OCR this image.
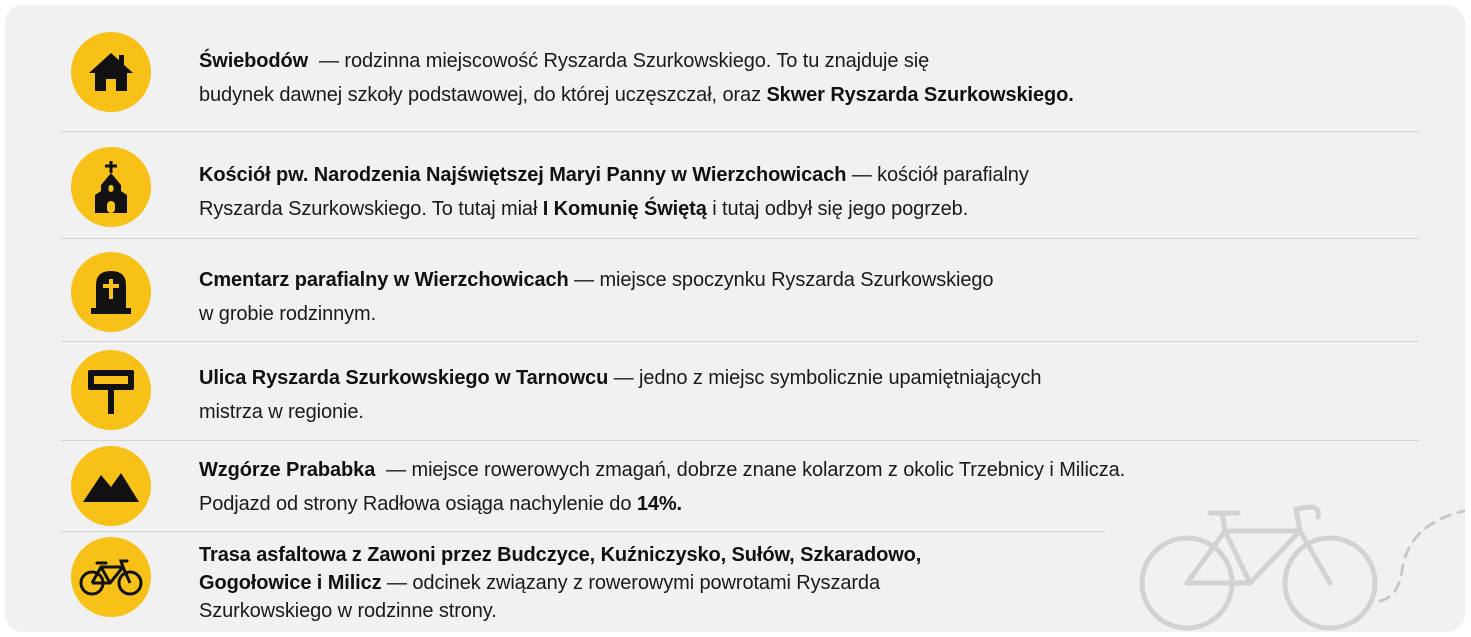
Świebodów  — rodzinna miejscowość Ryszarda Szurkowskiego. To tu znajduje się
budynek dawnej szkoły podstawowej, do której uczęszczał, oraz Skwer Ryszarda Szurkowskiego.
Kościół pw. Narodzenia Najświętszej Maryi Panny w Wierzchowicach — kościół parafialny
Ryszarda Szurkowskiego. To tutaj miał I Komunię Świętą i tutaj odbył się jego pogrzeb.
Cmentarz parafialny w Wierzchowicach — miejsce spoczynku Ryszarda Szurkowskiego
w grobie rodzinnym.
Ulica Ryszarda Szurkowskiego w Tarnowcu — jedno z miejsc symbolicznie upamiętniających
mistrza w regionie.
Wzgórze Prababka  — miejsce rowerowych zmagań, dobrze znane kolarzom z okolic Trzebnicy i Milicza.
Podjazd od strony Radłowa osiąga nachylenie do 14%.
Trasa asfaltowa z Zawoni przez Budczyce, Kuźniczysko, Sułów, Szkaradowo,
Gogołowice i Milicz — odcinek związany z rowerowymi powrotami Ryszarda
Szurkowskiego w rodzinne strony.
